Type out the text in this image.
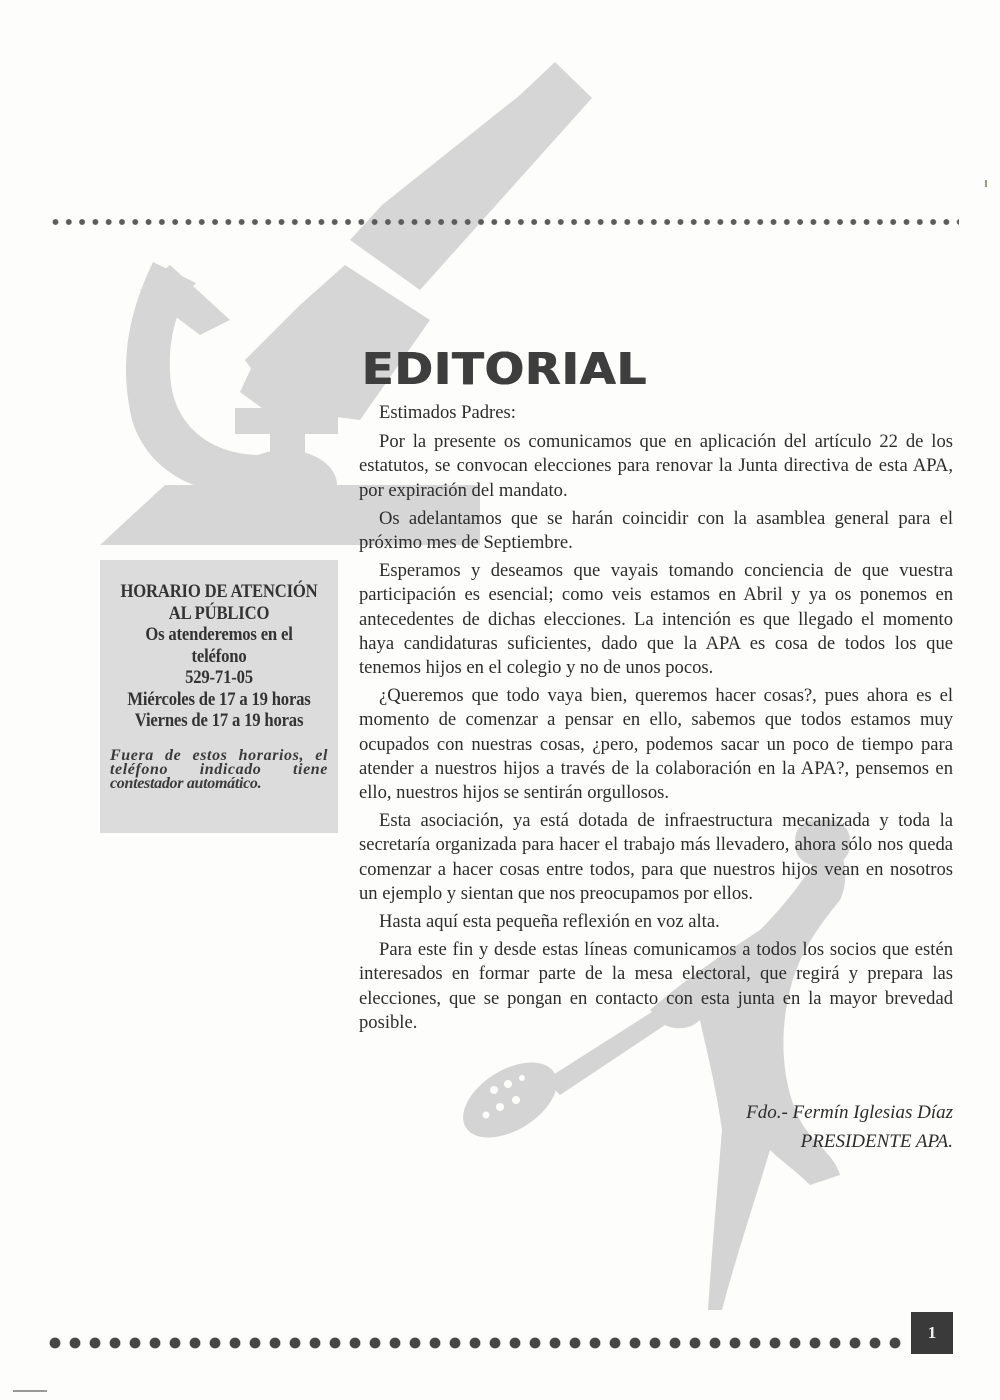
EDITORIAL

Estimados Padres:

Por la presente os comunicamos que en aplicación del artículo 22 de los estatutos, se convocan elecciones para renovar la Junta directiva de esta APA, por expiración del mandato.

Os adelantamos que se harán coincidir con la asamblea general para el próximo mes de Septiembre.

Esperamos y deseamos que vayais tomando conciencia de que vuestra participación es esencial; como veis estamos en Abril y ya os ponemos en antecedentes de dichas elecciones. La intención es que llegado el momento haya candidaturas suficientes, dado que la APA es cosa de todos los que tenemos hijos en el colegio y no de unos pocos.

¿Queremos que todo vaya bien, queremos hacer cosas?, pues ahora es el momento de comenzar a pensar en ello, sabemos que todos estamos muy ocupados con nuestras cosas, ¿pero, podemos sacar un poco de tiempo para atender a nuestros hijos a través de la colaboración en la APA?, pensemos en ello, nuestros hijos se sentirán orgullosos.

Esta asociación, ya está dotada de infraestructura mecanizada y toda la secretaría organizada para hacer el trabajo más llevadero, ahora sólo nos queda comenzar a hacer cosas entre todos, para que nuestros hijos vean en nosotros un ejemplo y sientan que nos preocupamos por ellos.

Hasta aquí esta pequeña reflexión en voz alta.

Para este fin y desde estas líneas comunicamos a todos los socios que estén interesados en formar parte de la mesa electoral, que regirá y prepara las elecciones, que se pongan en contacto con esta junta en la mayor brevedad posible.

Fdo.- Fermín Iglesias Díaz
PRESIDENTE APA.
HORARIO DE ATENCIÓN
AL PÚBLICO
Os atenderemos en el teléfono
529-71-05
Miércoles de 17 a 19 horas
Viernes de 17 a 19 horas
Fuera de estos horarios, el teléfono indicado tiene contestador automático.
1
